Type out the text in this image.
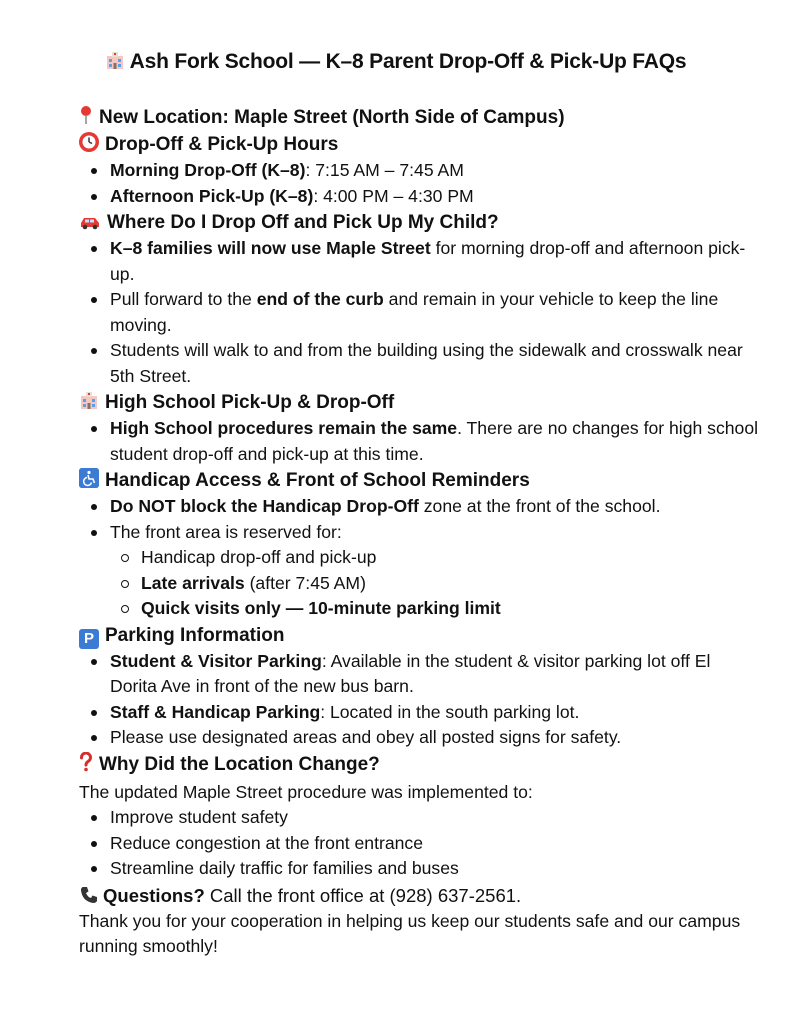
Ash Fork School — K–8 Parent Drop-Off & Pick-Up FAQs

New Location: Maple Street (North Side of Campus)

Drop-Off & Pick-Up Hours

Morning Drop-Off (K–8): 7:15 AM – 7:45 AM
Afternoon Pick-Up (K–8): 4:00 PM – 4:30 PM

Where Do I Drop Off and Pick Up My Child?

K–8 families will now use Maple Street for morning drop-off and afternoon pick-up.
Pull forward to the end of the curb and remain in your vehicle to keep the line moving.
Students will walk to and from the building using the sidewalk and crosswalk near 5th Street.

High School Pick-Up & Drop-Off

High School procedures remain the same. There are no changes for high school student drop-off and pick-up at this time.

Handicap Access & Front of School Reminders

Do NOT block the Handicap Drop-Off zone at the front of the school.
The front area is reserved for:
Handicap drop-off and pick-up
Late arrivals (after 7:45 AM)
Quick visits only — 10-minute parking limit

P Parking Information

Student & Visitor Parking: Available in the student & visitor parking lot off El Dorita Ave in front of the new bus barn.
Staff & Handicap Parking: Located in the south parking lot.
Please use designated areas and obey all posted signs for safety.

Why Did the Location Change?

The updated Maple Street procedure was implemented to:

Improve student safety
Reduce congestion at the front entrance
Streamline daily traffic for families and buses

Questions? Call the front office at (928) 637-2561.

Thank you for your cooperation in helping us keep our students safe and our campus running smoothly!
